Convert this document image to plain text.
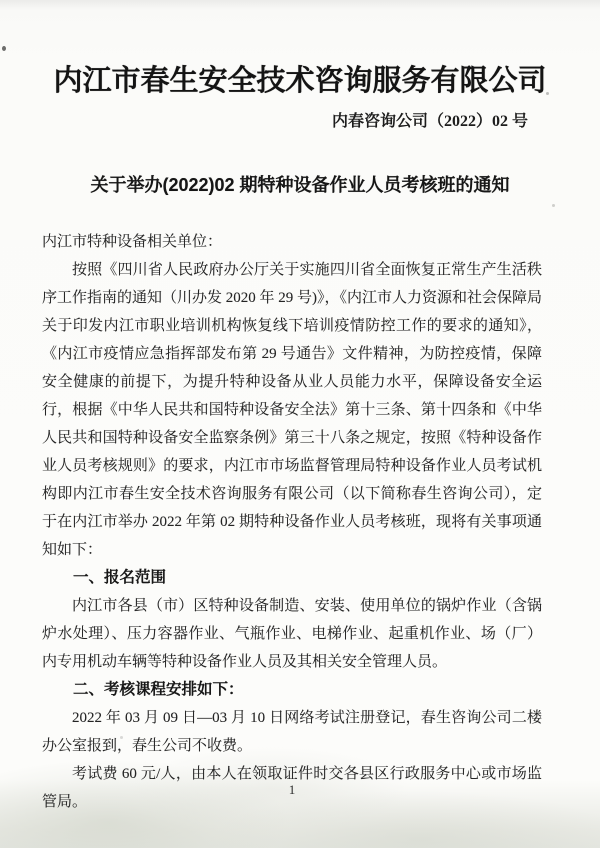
内江市春生安全技术咨询服务有限公司
内春咨询公司（2022）02 号
关于举办(2022)02 期特种设备作业人员考核班的通知

内江市特种设备相关单位：

按照《四川省人民政府办公厅关于实施四川省全面恢复正常生产生活秩序工作指南的通知（川办发 2020 年 29 号)》，《内江市人力资源和社会保障局关于印发内江市职业培训机构恢复线下培训疫情防控工作的要求的通知》，《内江市疫情应急指挥部发布第 29 号通告》文件精神，为防控疫情，保障安全健康的前提下，为提升特种设备从业人员能力水平，保障设备安全运行，根据《中华人民共和国特种设备安全法》第十三条、第十四条和《中华人民共和国特种设备安全监察条例》第三十八条之规定，按照《特种设备作业人员考核规则》的要求，内江市市场监督管理局特种设备作业人员考试机构即内江市春生安全技术咨询服务有限公司（以下简称春生咨询公司），定于在内江市举办 2022 年第 02 期特种设备作业人员考核班，现将有关事项通知如下：

一、报名范围

内江市各县（市）区特种设备制造、安装、使用单位的锅炉作业（含锅炉水处理）、压力容器作业、气瓶作业、电梯作业、起重机作业、场（厂）内专用机动车辆等特种设备作业人员及其相关安全管理人员。

二、考核课程安排如下：

2022 年 03 月 09 日—03 月 10 日网络考试注册登记，春生咨询公司二楼办公室报到，春生公司不收费。

考试费 60 元/人，由本人在领取证件时交各县区行政服务中心或市场监管局。

1
